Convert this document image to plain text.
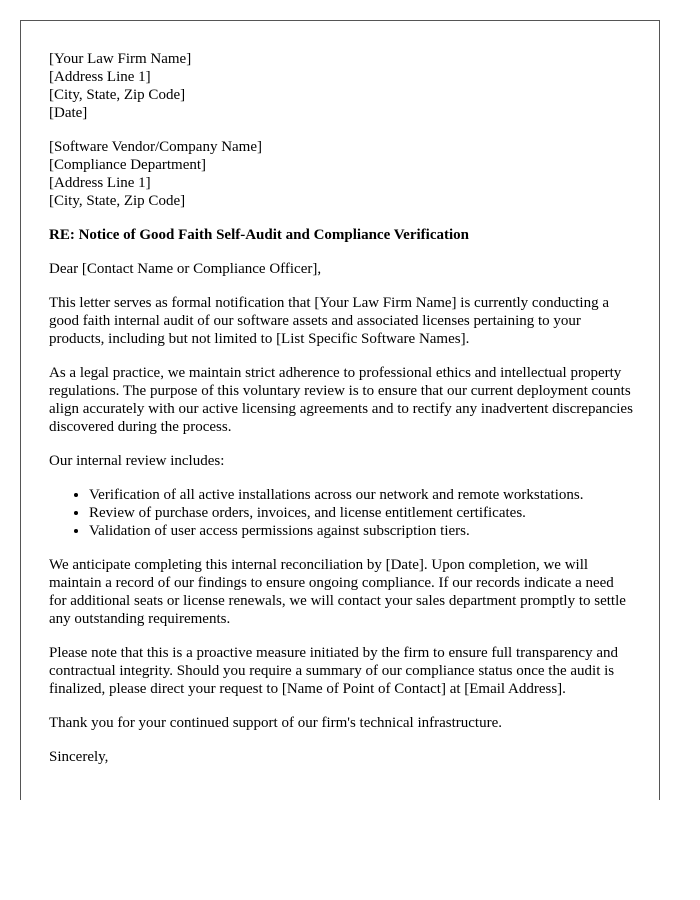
[Your Law Firm Name]
[Address Line 1]
[City, State, Zip Code]
[Date]
[Software Vendor/Company Name]
[Compliance Department]
[Address Line 1]
[City, State, Zip Code]
RE: Notice of Good Faith Self-Audit and Compliance Verification

Dear [Contact Name or Compliance Officer],

This letter serves as formal notification that [Your Law Firm Name] is currently conducting a good faith internal audit of our software assets and associated licenses pertaining to your products, including but not limited to [List Specific Software Names].

As a legal practice, we maintain strict adherence to professional ethics and intellectual property regulations. The purpose of this voluntary review is to ensure that our current deployment counts align accurately with our active licensing agreements and to rectify any inadvertent discrepancies discovered during the process.

Our internal review includes:

• Verification of all active installations across our network and remote workstations.
• Review of purchase orders, invoices, and license entitlement certificates.
• Validation of user access permissions against subscription tiers.

We anticipate completing this internal reconciliation by [Date]. Upon completion, we will maintain a record of our findings to ensure ongoing compliance. If our records indicate a need for additional seats or license renewals, we will contact your sales department promptly to settle any outstanding requirements.

Please note that this is a proactive measure initiated by the firm to ensure full transparency and contractual integrity. Should you require a summary of our compliance status once the audit is finalized, please direct your request to [Name of Point of Contact] at [Email Address].

Thank you for your continued support of our firm's technical infrastructure.

Sincerely,
